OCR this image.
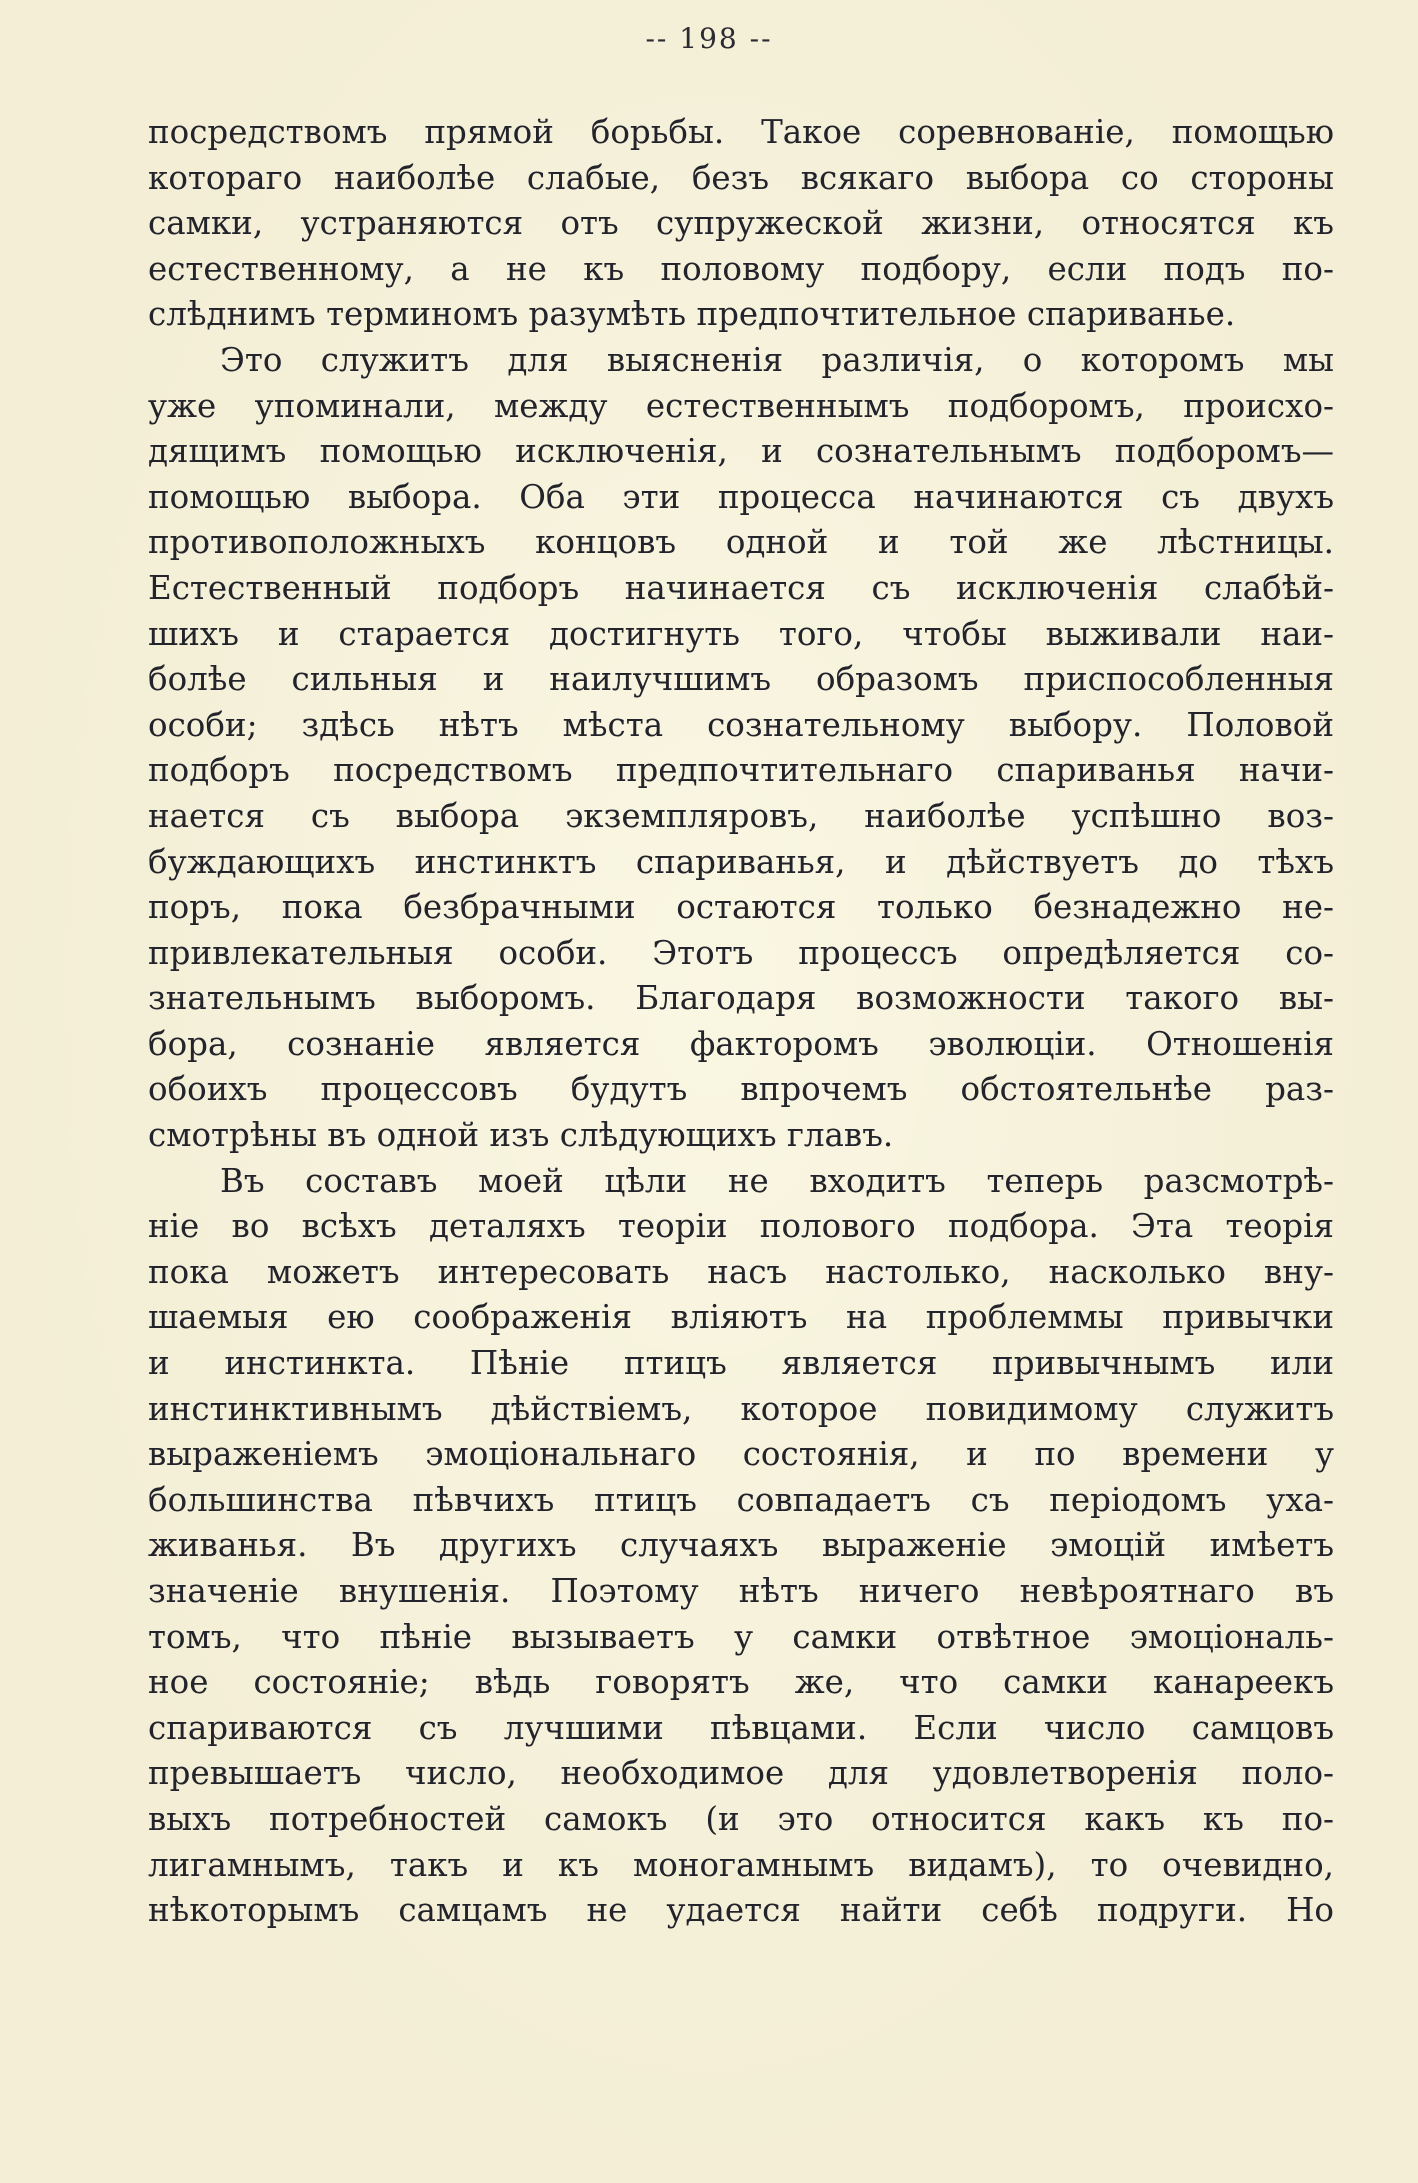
-- 198 --
посредствомъ прямой борьбы. Такое соревнованіе, помощью
котораго наиболѣе слабые, безъ всякаго выбора со стороны
самки, устраняются отъ супружеской жизни, относятся къ
естественному, а не къ половому подбору, если подъ по-
слѣднимъ терминомъ разумѣть предпочтительное спариванье.
Это служитъ для выясненія различія, о которомъ мы
уже упоминали, между естественнымъ подборомъ, происхо-
дящимъ помощью исключенія, и сознательнымъ подборомъ—
помощью выбора. Оба эти процесса начинаются съ двухъ
противоположныхъ концовъ одной и той же лѣстницы.
Естественный подборъ начинается съ исключенія слабѣй-
шихъ и старается достигнуть того, чтобы выживали наи-
болѣе сильныя и наилучшимъ образомъ приспособленныя
особи; здѣсь нѣтъ мѣста сознательному выбору. Половой
подборъ посредствомъ предпочтительнаго спариванья начи-
нается съ выбора экземпляровъ, наиболѣе успѣшно воз-
буждающихъ инстинктъ спариванья, и дѣйствуетъ до тѣхъ
поръ, пока безбрачными остаются только безнадежно не-
привлекательныя особи. Этотъ процессъ опредѣляется со-
знательнымъ выборомъ. Благодаря возможности такого вы-
бора, сознаніе является факторомъ эволюціи. Отношенія
обоихъ процессовъ будутъ впрочемъ обстоятельнѣе раз-
смотрѣны въ одной изъ слѣдующихъ главъ.
Въ составъ моей цѣли не входитъ теперь разсмотрѣ-
ніе во всѣхъ деталяхъ теоріи полового подбора. Эта теорія
пока можетъ интересовать насъ настолько, насколько вну-
шаемыя ею соображенія вліяютъ на проблеммы привычки
и инстинкта. Пѣніе птицъ является привычнымъ или
инстинктивнымъ дѣйствіемъ, которое повидимому служитъ
выраженіемъ эмоціональнаго состоянія, и по времени у
большинства пѣвчихъ птицъ совпадаетъ съ періодомъ уха-
живанья. Въ другихъ случаяхъ выраженіе эмоцій имѣетъ
значеніе внушенія. Поэтому нѣтъ ничего невѣроятнаго въ
томъ, что пѣніе вызываетъ у самки отвѣтное эмоціональ-
ное состояніе; вѣдь говорятъ же, что самки канареекъ
спариваются съ лучшими пѣвцами. Если число самцовъ
превышаетъ число, необходимое для удовлетворенія поло-
выхъ потребностей самокъ (и это относится какъ къ по-
лигамнымъ, такъ и къ моногамнымъ видамъ), то очевидно,
нѣкоторымъ самцамъ не удается найти себѣ подруги. Но
